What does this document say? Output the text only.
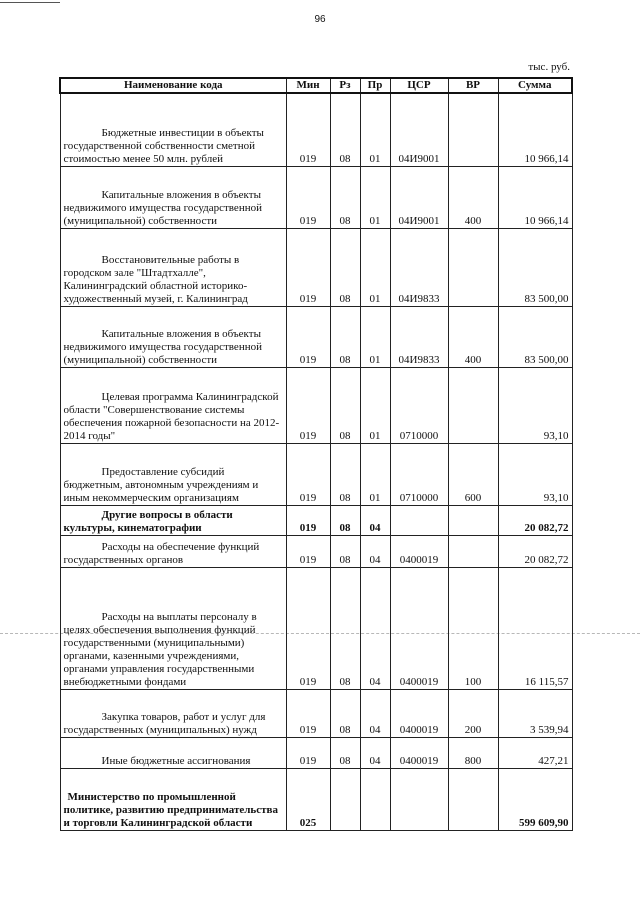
96
тыс. руб.
Наименование кода	Мин	Рз	Пр	ЦСР	ВР	Сумма

Бюджетные инвестиции в объекты государственной собственности сметной стоимостью менее 50 млн. рублей	019	08	01	04И9001		10 966,14

Капитальные вложения в объекты недвижимого имущества государственной (муниципальной) собственности	019	08	01	04И9001	400	10 966,14

Восстановительные работы в городском зале "Штадтхалле", Калининградский областной историко-художественный музей, г. Калининград	019	08	01	04И9833		83 500,00

Капитальные вложения в объекты недвижимого имущества государственной (муниципальной) собственности	019	08	01	04И9833	400	83 500,00

Целевая программа Калининградской области "Совершенствование системы обеспечения пожарной безопасности на 2012-2014 годы"	019	08	01	0710000		93,10

Предоставление субсидий бюджетным, автономным учреждениям и иным некоммерческим организациям	019	08	01	0710000	600	93,10

Другие вопросы в области культуры, кинематографии	019	08	04			20 082,72

Расходы на обеспечение функций государственных органов	019	08	04	0400019		20 082,72

Расходы на выплаты персоналу в целях обеспечения выполнения функций государственными (муниципальными) органами, казенными учреждениями, органами управления государственными внебюджетными фондами	019	08	04	0400019	100	16 115,57

Закупка товаров, работ и услуг для государственных (муниципальных) нужд	019	08	04	0400019	200	3 539,94

Иные бюджетные ассигнования	019	08	04	0400019	800	427,21

Министерство по промышленной политике, развитию предпринимательства и торговли Калининградской области	025					599 609,90
